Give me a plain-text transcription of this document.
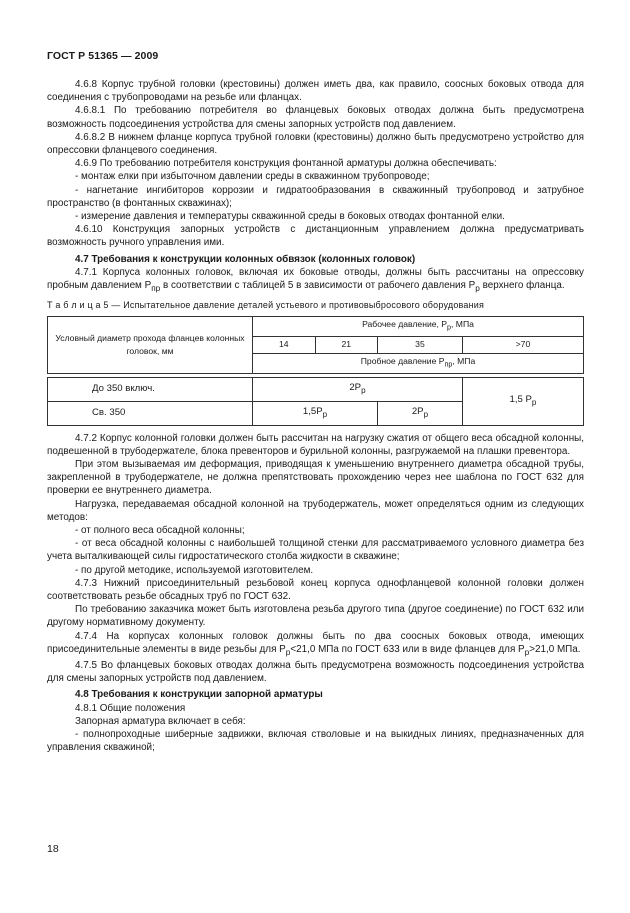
ГОСТ Р 51365 — 2009

4.6.8 Корпус трубной головки (крестовины) должен иметь два, как правило, соосных боковых отвода для соединения с трубопроводами на резьбе или фланцах.

4.6.8.1 По требованию потребителя во фланцевых боковых отводах должна быть предусмотрена возможность подсоединения устройства для смены запорных устройств под давлением.

4.6.8.2 В нижнем фланце корпуса трубной головки (крестовины) должно быть предусмотрено устройство для опрессовки фланцевого соединения.

4.6.9 По требованию потребителя конструкция фонтанной арматуры должна обеспечивать:

- монтаж елки при избыточном давлении среды в скважинном трубопроводе;

- нагнетание ингибиторов коррозии и гидратообразования в скважинный трубопровод и затрубное пространство (в фонтанных скважинах);

- измерение давления и температуры скважинной среды в боковых отводах фонтанной елки.

4.6.10 Конструкция запорных устройств с дистанционным управлением должна предусматривать возможность ручного управления ими.

4.7 Требования к конструкции колонных обвязок (колонных головок)

4.7.1 Корпуса колонных головок, включая их боковые отводы, должны быть рассчитаны на опрессовку пробным давлением $P_{пр}$ в соответствии с таблицей 5 в зависимости от рабочего давления $P_р$ верхнего фланца.

Т а б л и ц а 5 — Испытательное давление деталей устьевого и противовыбросового оборудования

Условный диаметр прохода фланцев колонных головок, мм	Рабочее давление, $Р_р$, МПа			
	14	21	35	>70
	Пробное давление $Р_{пр}$, МПа			

До 350 включ.	$2P_р$			1,5 $P_р$
Св. 350	$1,5P_р$		$2P_р$

4.7.2 Корпус колонной головки должен быть рассчитан на нагрузку сжатия от общего веса обсадной колонны, подвешенной в трубодержателе, блока превенторов и бурильной колонны, разгружаемой на плашки превентора.

При этом вызываемая им деформация, приводящая к уменьшению внутреннего диаметра обсадной трубы, закрепленной в трубодержателе, не должна препятствовать прохождению через нее шаблона по ГОСТ 632 для проверки ее внутреннего диаметра.

Нагрузка, передаваемая обсадной колонной на трубодержатель, может определяться одним из следующих методов:

- от полного веса обсадной колонны;

- от веса обсадной колонны с наибольшей толщиной стенки для рассматриваемого условного диаметра без учета выталкивающей силы гидростатического столба жидкости в скважине;

- по другой методике, используемой изготовителем.

4.7.3 Нижний присоединительный резьбовой конец корпуса однофланцевой колонной головки должен соответствовать резьбе обсадных труб по ГОСТ 632.

По требованию заказчика может быть изготовлена резьба другого типа (другое соединение) по ГОСТ 632 или другому нормативному документу.

4.7.4 На корпусах колонных головок должны быть по два соосных боковых отвода, имеющих присоединительные элементы в виде резьбы для $P_р<21,0$ МПа по ГОСТ 633 или в виде фланцев для $P_р>21,0$ МПа.

4.7.5 Во фланцевых боковых отводах должна быть предусмотрена возможность подсоединения устройства для смены запорных устройств под давлением.

4.8 Требования к конструкции запорной арматуры

4.8.1 Общие положения

Запорная арматура включает в себя:

- полнопроходные шиберные задвижки, включая стволовые и на выкидных линиях, предназначенных для управления скважиной;

18
